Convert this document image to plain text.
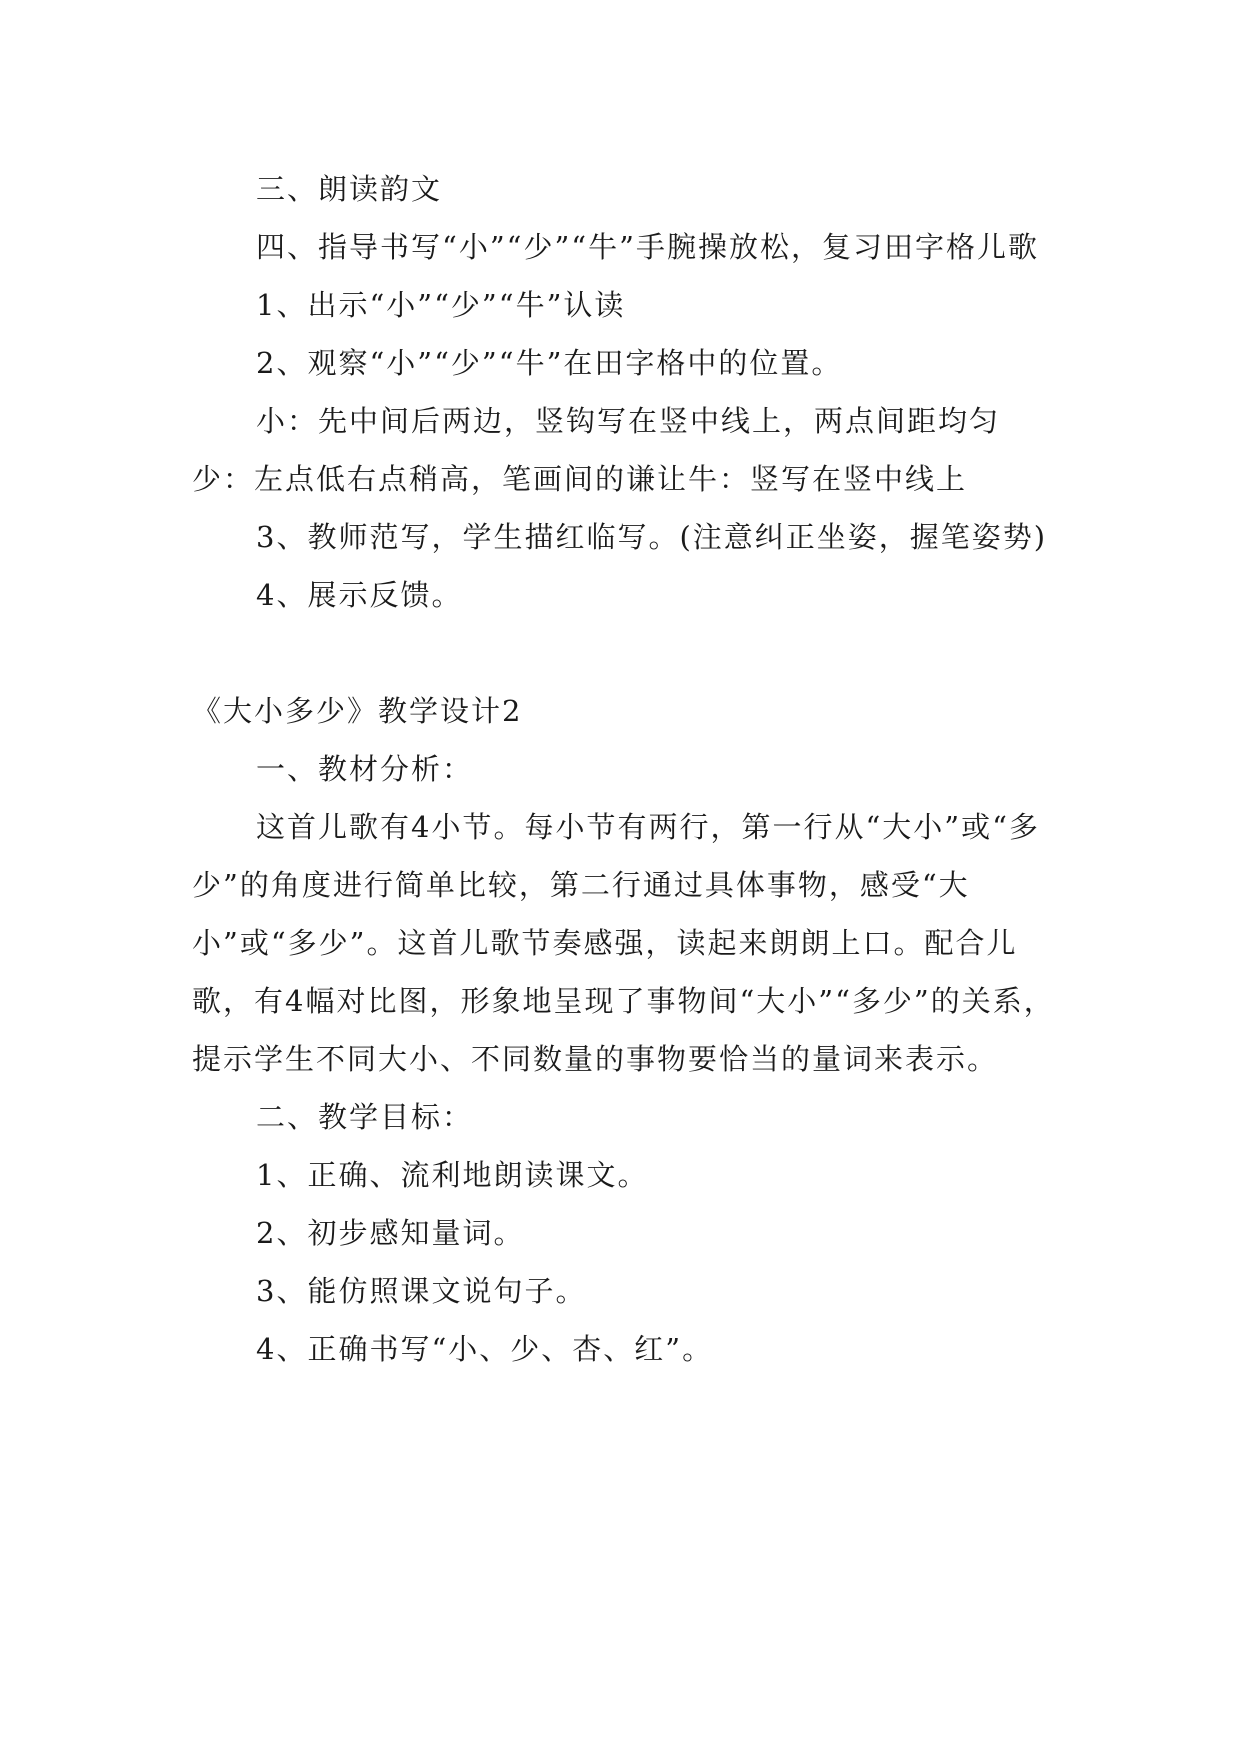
三、朗读韵文

四、指导书写“小”“少”“牛”手腕操放松，复习田字格儿歌

1、出示“小”“少”“牛”认读

2、观察“小”“少”“牛”在田字格中的位置。

小：先中间后两边，竖钩写在竖中线上，两点间距均匀

少：左点低右点稍高，笔画间的谦让牛：竖写在竖中线上

3、教师范写，学生描红临写。(注意纠正坐姿，握笔姿势)

4、展示反馈。

《大小多少》教学设计2

一、教材分析：

这首儿歌有4小节。每小节有两行，第一行从“大小”或“多少”的角度进行简单比较，第二行通过具体事物，感受“大小”或“多少”。这首儿歌节奏感强，读起来朗朗上口。配合儿歌，有4幅对比图，形象地呈现了事物间“大小”“多少”的关系，提示学生不同大小、不同数量的事物要恰当的量词来表示。

二、教学目标：

1、正确、流利地朗读课文。

2、初步感知量词。

3、能仿照课文说句子。

4、正确书写“小、少、杏、红”。
